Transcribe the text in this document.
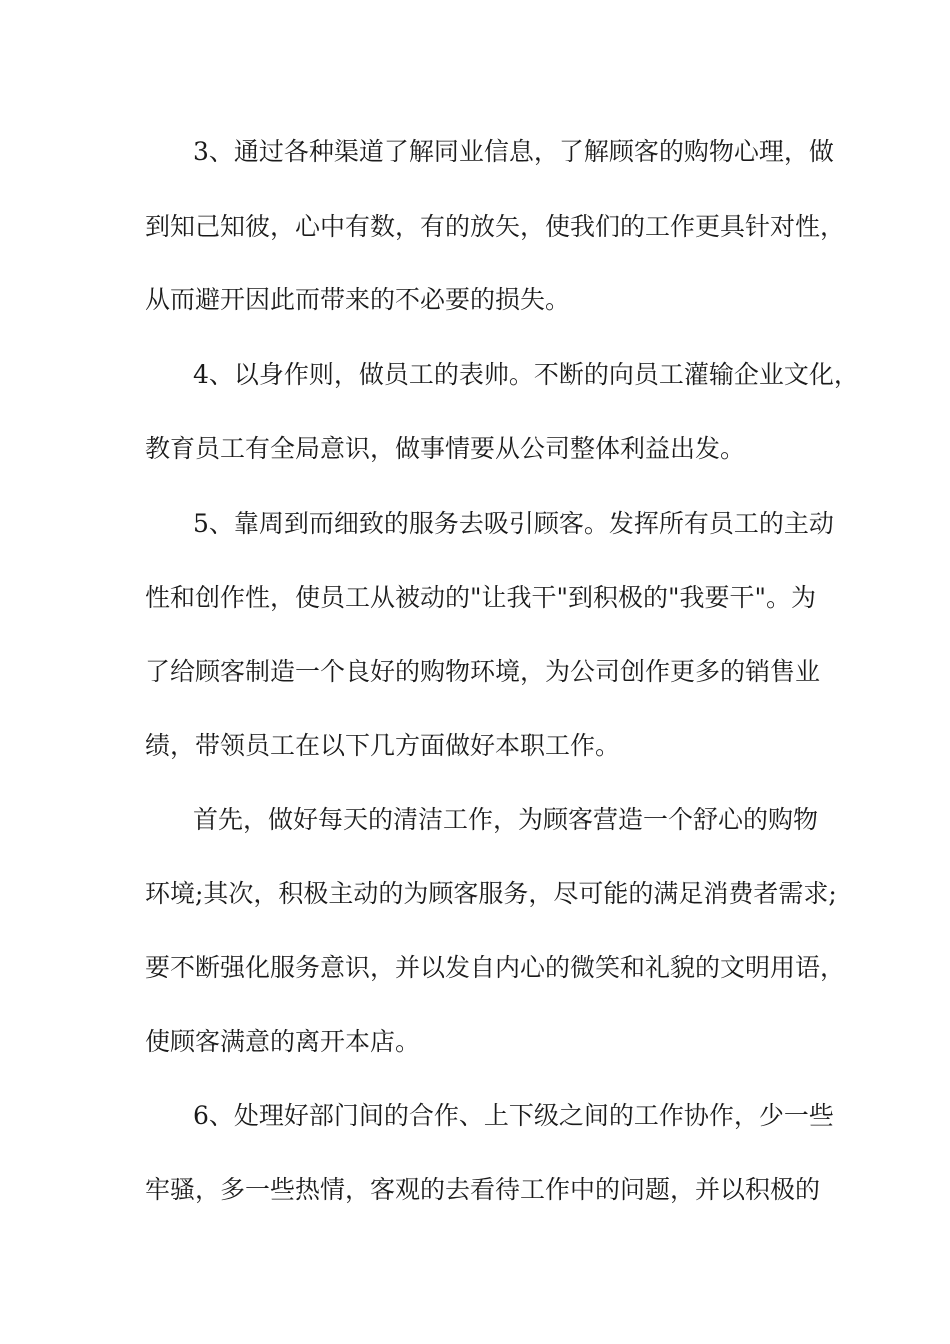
3、通过各种渠道了解同业信息，了解顾客的购物心理，做
到知己知彼，心中有数，有的放矢，使我们的工作更具针对性，
从而避开因此而带来的不必要的损失。
4、以身作则，做员工的表帅。不断的向员工灌输企业文化，
教育员工有全局意识，做事情要从公司整体利益出发。
5、靠周到而细致的服务去吸引顾客。发挥所有员工的主动
性和创作性，使员工从被动的"让我干"到积极的"我要干"。为
了给顾客制造一个良好的购物环境，为公司创作更多的销售业
绩，带领员工在以下几方面做好本职工作。
首先，做好每天的清洁工作，为顾客营造一个舒心的购物
环境;其次，积极主动的为顾客服务，尽可能的满足消费者需求;
要不断强化服务意识，并以发自内心的微笑和礼貌的文明用语，
使顾客满意的离开本店。
6、处理好部门间的合作、上下级之间的工作协作，少一些
牢骚，多一些热情，客观的去看待工作中的问题，并以积极的
